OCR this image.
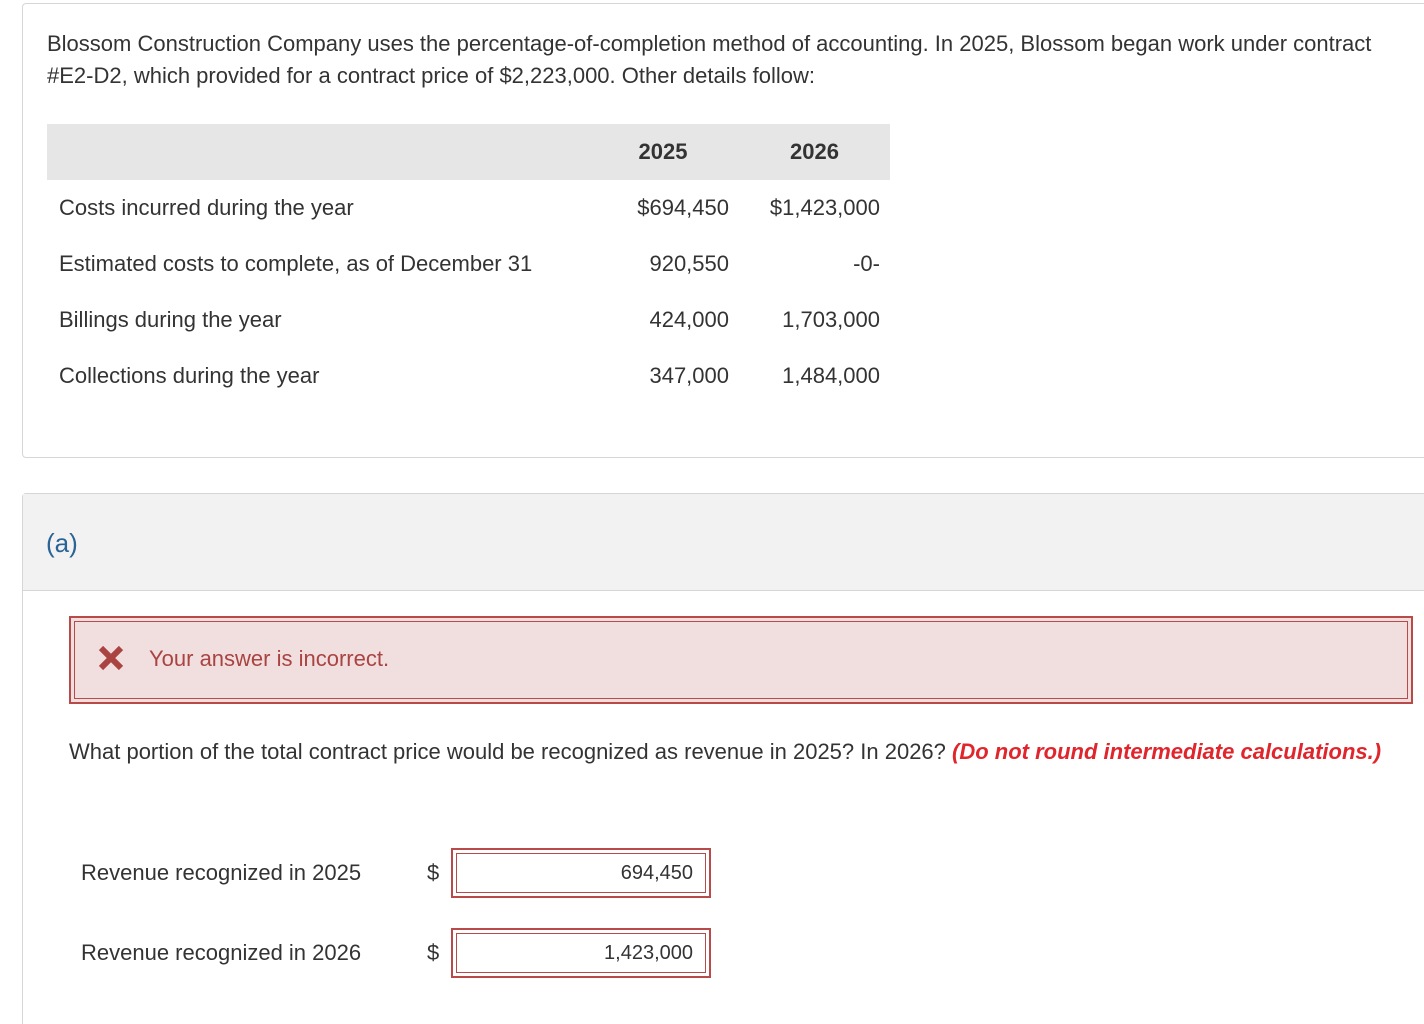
Blossom Construction Company uses the percentage-of-completion method of accounting. In 2025, Blossom began work under contract #E2-D2, which provided for a contract price of $2,223,000. Other details follow:
	2025	2026
Costs incurred during the year	$694,450	$1,423,000
Estimated costs to complete, as of December 31	920,550	-0-
Billings during the year	424,000	1,703,000
Collections during the year	347,000	1,484,000
(a)
Your answer is incorrect.
What portion of the total contract price would be recognized as revenue in 2025? In 2026? (Do not round intermediate calculations.)
Revenue recognized in 2025	$
694,450
Revenue recognized in 2026	$
1,423,000
